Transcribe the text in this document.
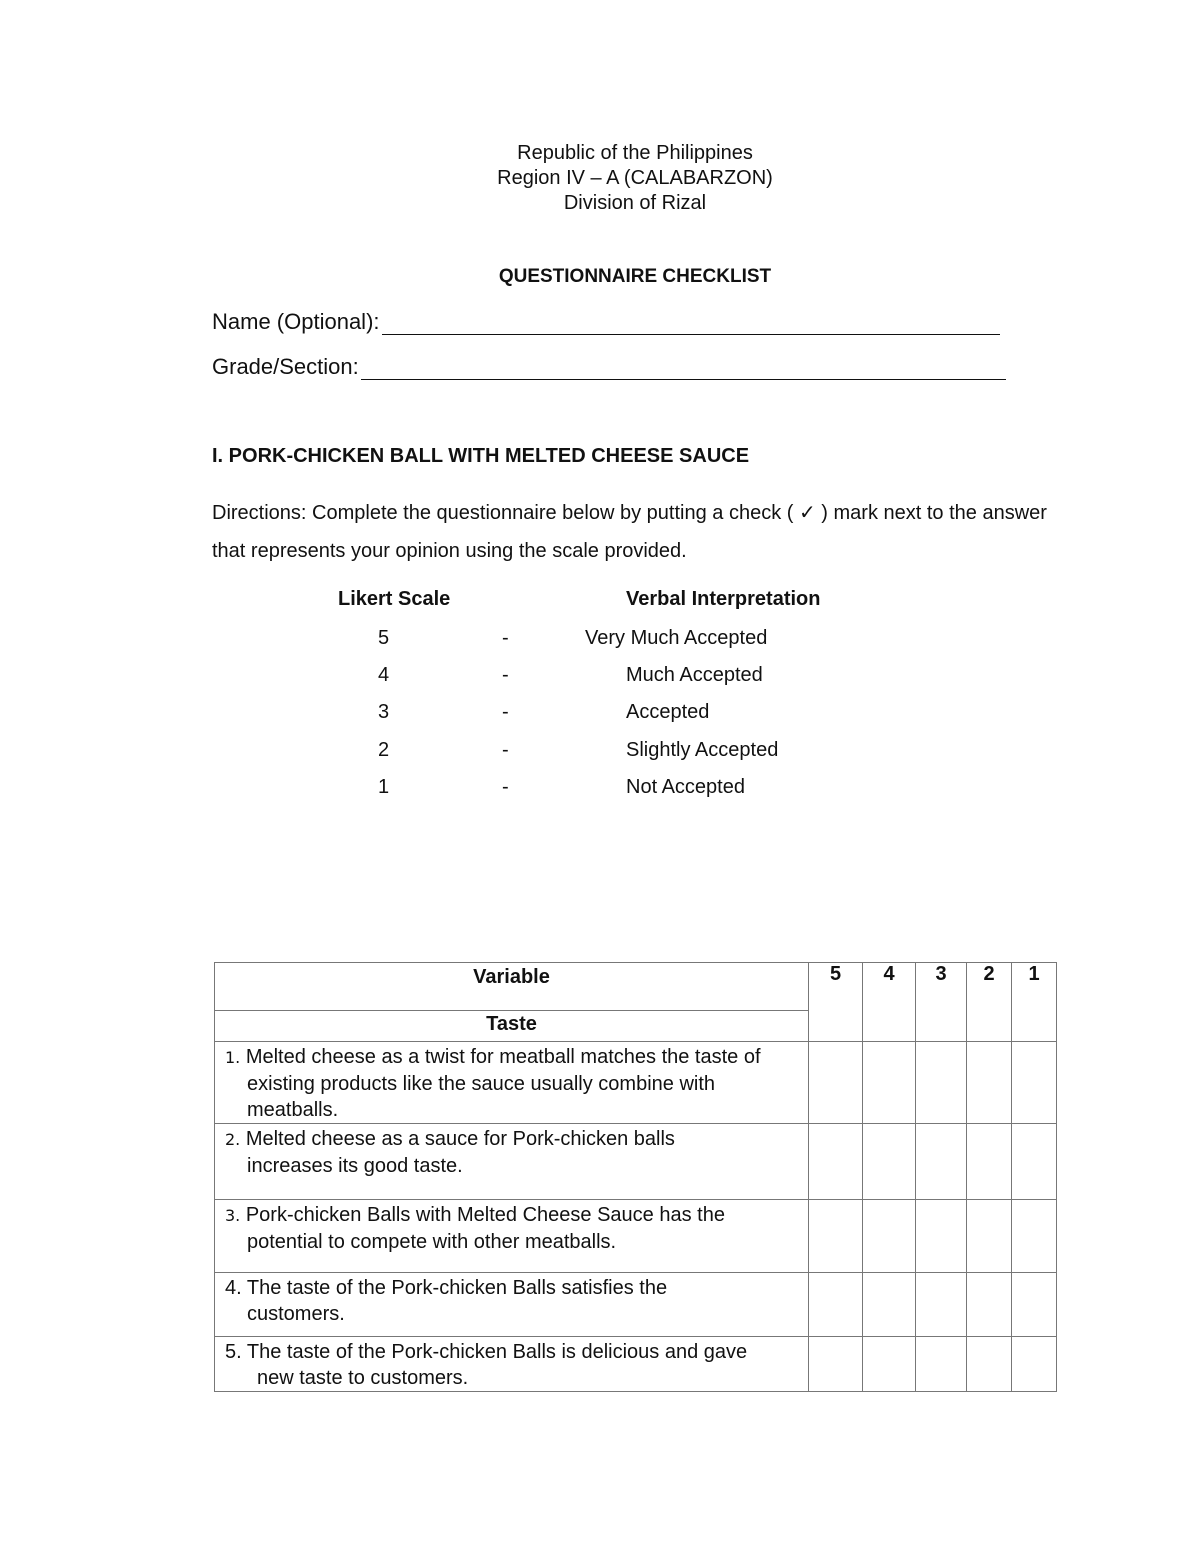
Republic of the Philippines
Region IV – A (CALABARZON)
Division of Rizal
QUESTIONNAIRE CHECKLIST
Name (Optional):
Grade/Section:
I. PORK-CHICKEN BALL WITH MELTED CHEESE SAUCE
Directions: Complete the questionnaire below by putting a check ( ✓ ) mark next to the answer that represents your opinion using the scale provided.
Likert Scale	Verbal Interpretation
5	-	Very Much Accepted
4	-	Much Accepted
3	-	Accepted
2	-	Slightly Accepted
1	-	Not Accepted
Variable	5	4	3	2	1
Taste					
1. Melted cheese as a twist for meatball matches the taste of
existing products like the sauce usually combine with
meatballs.					

2. Melted cheese as a sauce for Pork-chicken balls
increases its good taste.					

3. Pork-chicken Balls with Melted Cheese Sauce has the
potential to compete with other meatballs.					

4. The taste of the Pork-chicken Balls satisfies the
customers.					

5. The taste of the Pork-chicken Balls is delicious and gave
new taste to customers.					
